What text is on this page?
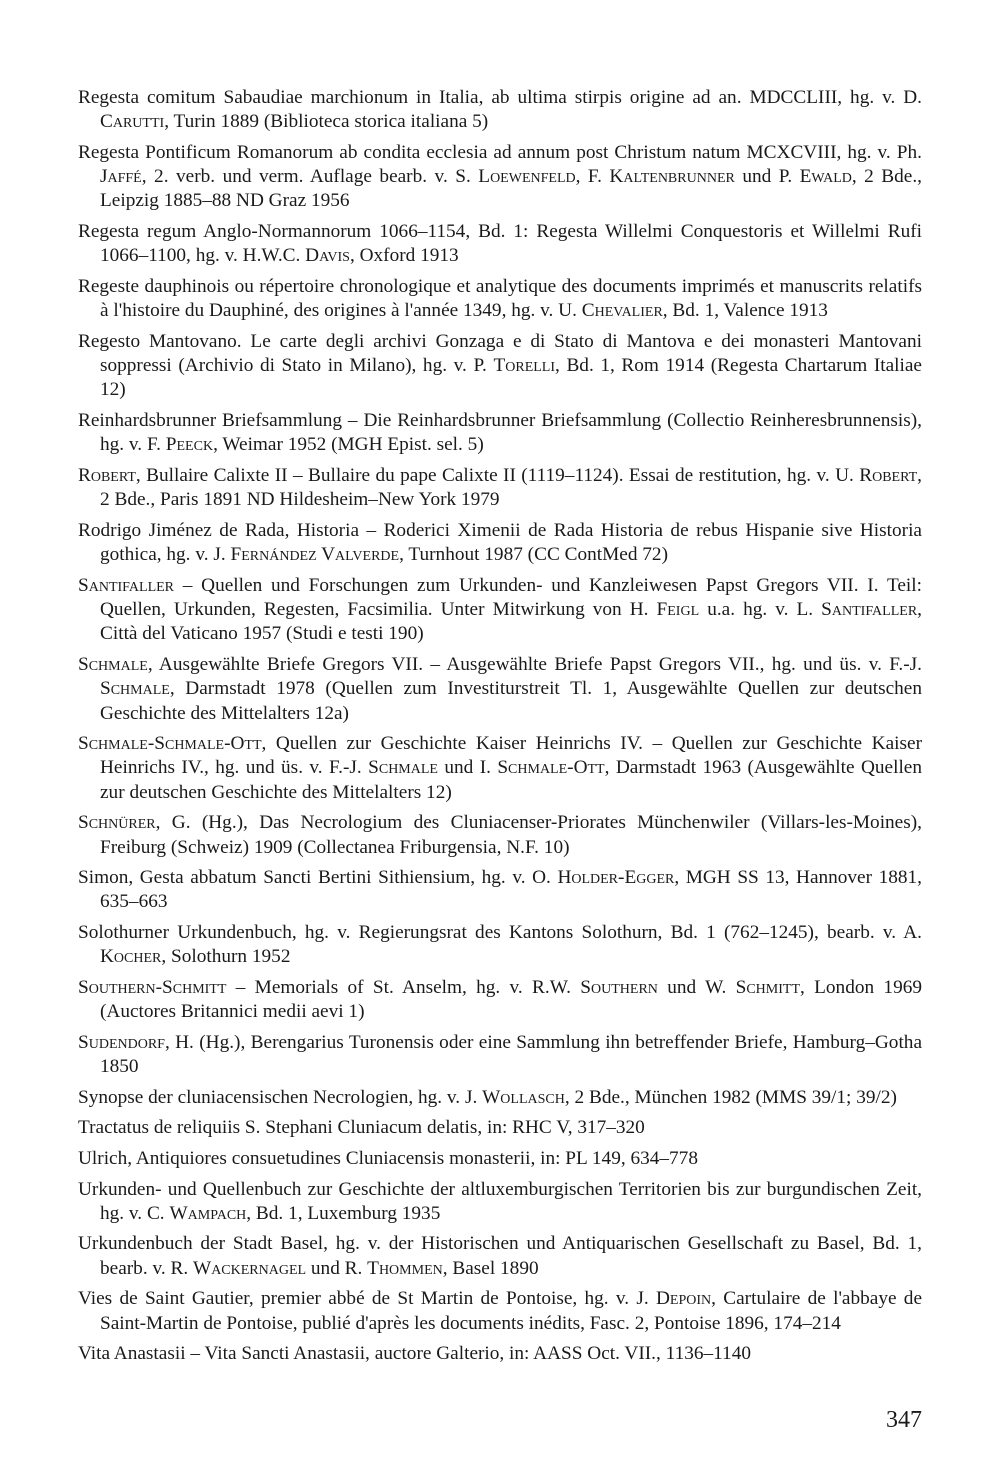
Regesta comitum Sabaudiae marchionum in Italia, ab ultima stirpis origine ad an. MDCCLIII, hg. v. D. Carutti, Turin 1889 (Biblioteca storica italiana 5)

Regesta Pontificum Romanorum ab condita ecclesia ad annum post Christum natum MCXCVIII, hg. v. Ph. Jaffé, 2. verb. und verm. Auflage bearb. v. S. Loewenfeld, F. Kaltenbrunner und P. Ewald, 2 Bde., Leipzig 1885–88 ND Graz 1956

Regesta regum Anglo-Normannorum 1066–1154, Bd. 1: Regesta Willelmi Conquestoris et Willelmi Rufi 1066–1100, hg. v. H.W.C. Davis, Oxford 1913

Regeste dauphinois ou répertoire chronologique et analytique des documents imprimés et manuscrits relatifs à l'histoire du Dauphiné, des origines à l'année 1349, hg. v. U. Chevalier, Bd. 1, Valence 1913

Regesto Mantovano. Le carte degli archivi Gonzaga e di Stato di Mantova e dei monasteri Mantovani soppressi (Archivio di Stato in Milano), hg. v. P. Torelli, Bd. 1, Rom 1914 (Regesta Chartarum Italiae 12)

Reinhardsbrunner Briefsammlung – Die Reinhardsbrunner Briefsammlung (Collectio Reinheresbrunnensis), hg. v. F. Peeck, Weimar 1952 (MGH Epist. sel. 5)

Robert, Bullaire Calixte II – Bullaire du pape Calixte II (1119–1124). Essai de restitution, hg. v. U. Robert, 2 Bde., Paris 1891 ND Hildesheim–New York 1979

Rodrigo Jiménez de Rada, Historia – Roderici Ximenii de Rada Historia de rebus Hispanie sive Historia gothica, hg. v. J. Fernández Valverde, Turnhout 1987 (CC ContMed 72)

Santifaller – Quellen und Forschungen zum Urkunden- und Kanzleiwesen Papst Gregors VII. I. Teil: Quellen, Urkunden, Regesten, Facsimilia. Unter Mitwirkung von H. Feigl u.a. hg. v. L. Santifaller, Città del Vaticano 1957 (Studi e testi 190)

Schmale, Ausgewählte Briefe Gregors VII. – Ausgewählte Briefe Papst Gregors VII., hg. und üs. v. F.-J. Schmale, Darmstadt 1978 (Quellen zum Investiturstreit Tl. 1, Ausgewählte Quellen zur deutschen Geschichte des Mittelalters 12a)

Schmale-Schmale-Ott, Quellen zur Geschichte Kaiser Heinrichs IV. – Quellen zur Geschichte Kaiser Heinrichs IV., hg. und üs. v. F.-J. Schmale und I. Schmale-Ott, Darmstadt 1963 (Ausgewählte Quellen zur deutschen Geschichte des Mittelalters 12)

Schnürer, G. (Hg.), Das Necrologium des Cluniacenser-Priorates Münchenwiler (Villars-les-Moines), Freiburg (Schweiz) 1909 (Collectanea Friburgensia, N.F. 10)

Simon, Gesta abbatum Sancti Bertini Sithiensium, hg. v. O. Holder-Egger, MGH SS 13, Hannover 1881, 635–663

Solothurner Urkundenbuch, hg. v. Regierungsrat des Kantons Solothurn, Bd. 1 (762–1245), bearb. v. A. Kocher, Solothurn 1952

Southern-Schmitt – Memorials of St. Anselm, hg. v. R.W. Southern und W. Schmitt, London 1969 (Auctores Britannici medii aevi 1)

Sudendorf, H. (Hg.), Berengarius Turonensis oder eine Sammlung ihn betreffender Briefe, Hamburg–Gotha 1850

Synopse der cluniacensischen Necrologien, hg. v. J. Wollasch, 2 Bde., München 1982 (MMS 39/1; 39/2)

Tractatus de reliquiis S. Stephani Cluniacum delatis, in: RHC V, 317–320

Ulrich, Antiquiores consuetudines Cluniacensis monasterii, in: PL 149, 634–778

Urkunden- und Quellenbuch zur Geschichte der altluxemburgischen Territorien bis zur burgundischen Zeit, hg. v. C. Wampach, Bd. 1, Luxemburg 1935

Urkundenbuch der Stadt Basel, hg. v. der Historischen und Antiquarischen Gesellschaft zu Basel, Bd. 1, bearb. v. R. Wackernagel und R. Thommen, Basel 1890

Vies de Saint Gautier, premier abbé de St Martin de Pontoise, hg. v. J. Depoin, Cartulaire de l'abbaye de Saint-Martin de Pontoise, publié d'après les documents inédits, Fasc. 2, Pontoise 1896, 174–214

Vita Anastasii – Vita Sancti Anastasii, auctore Galterio, in: AASS Oct. VII., 1136–1140

347
